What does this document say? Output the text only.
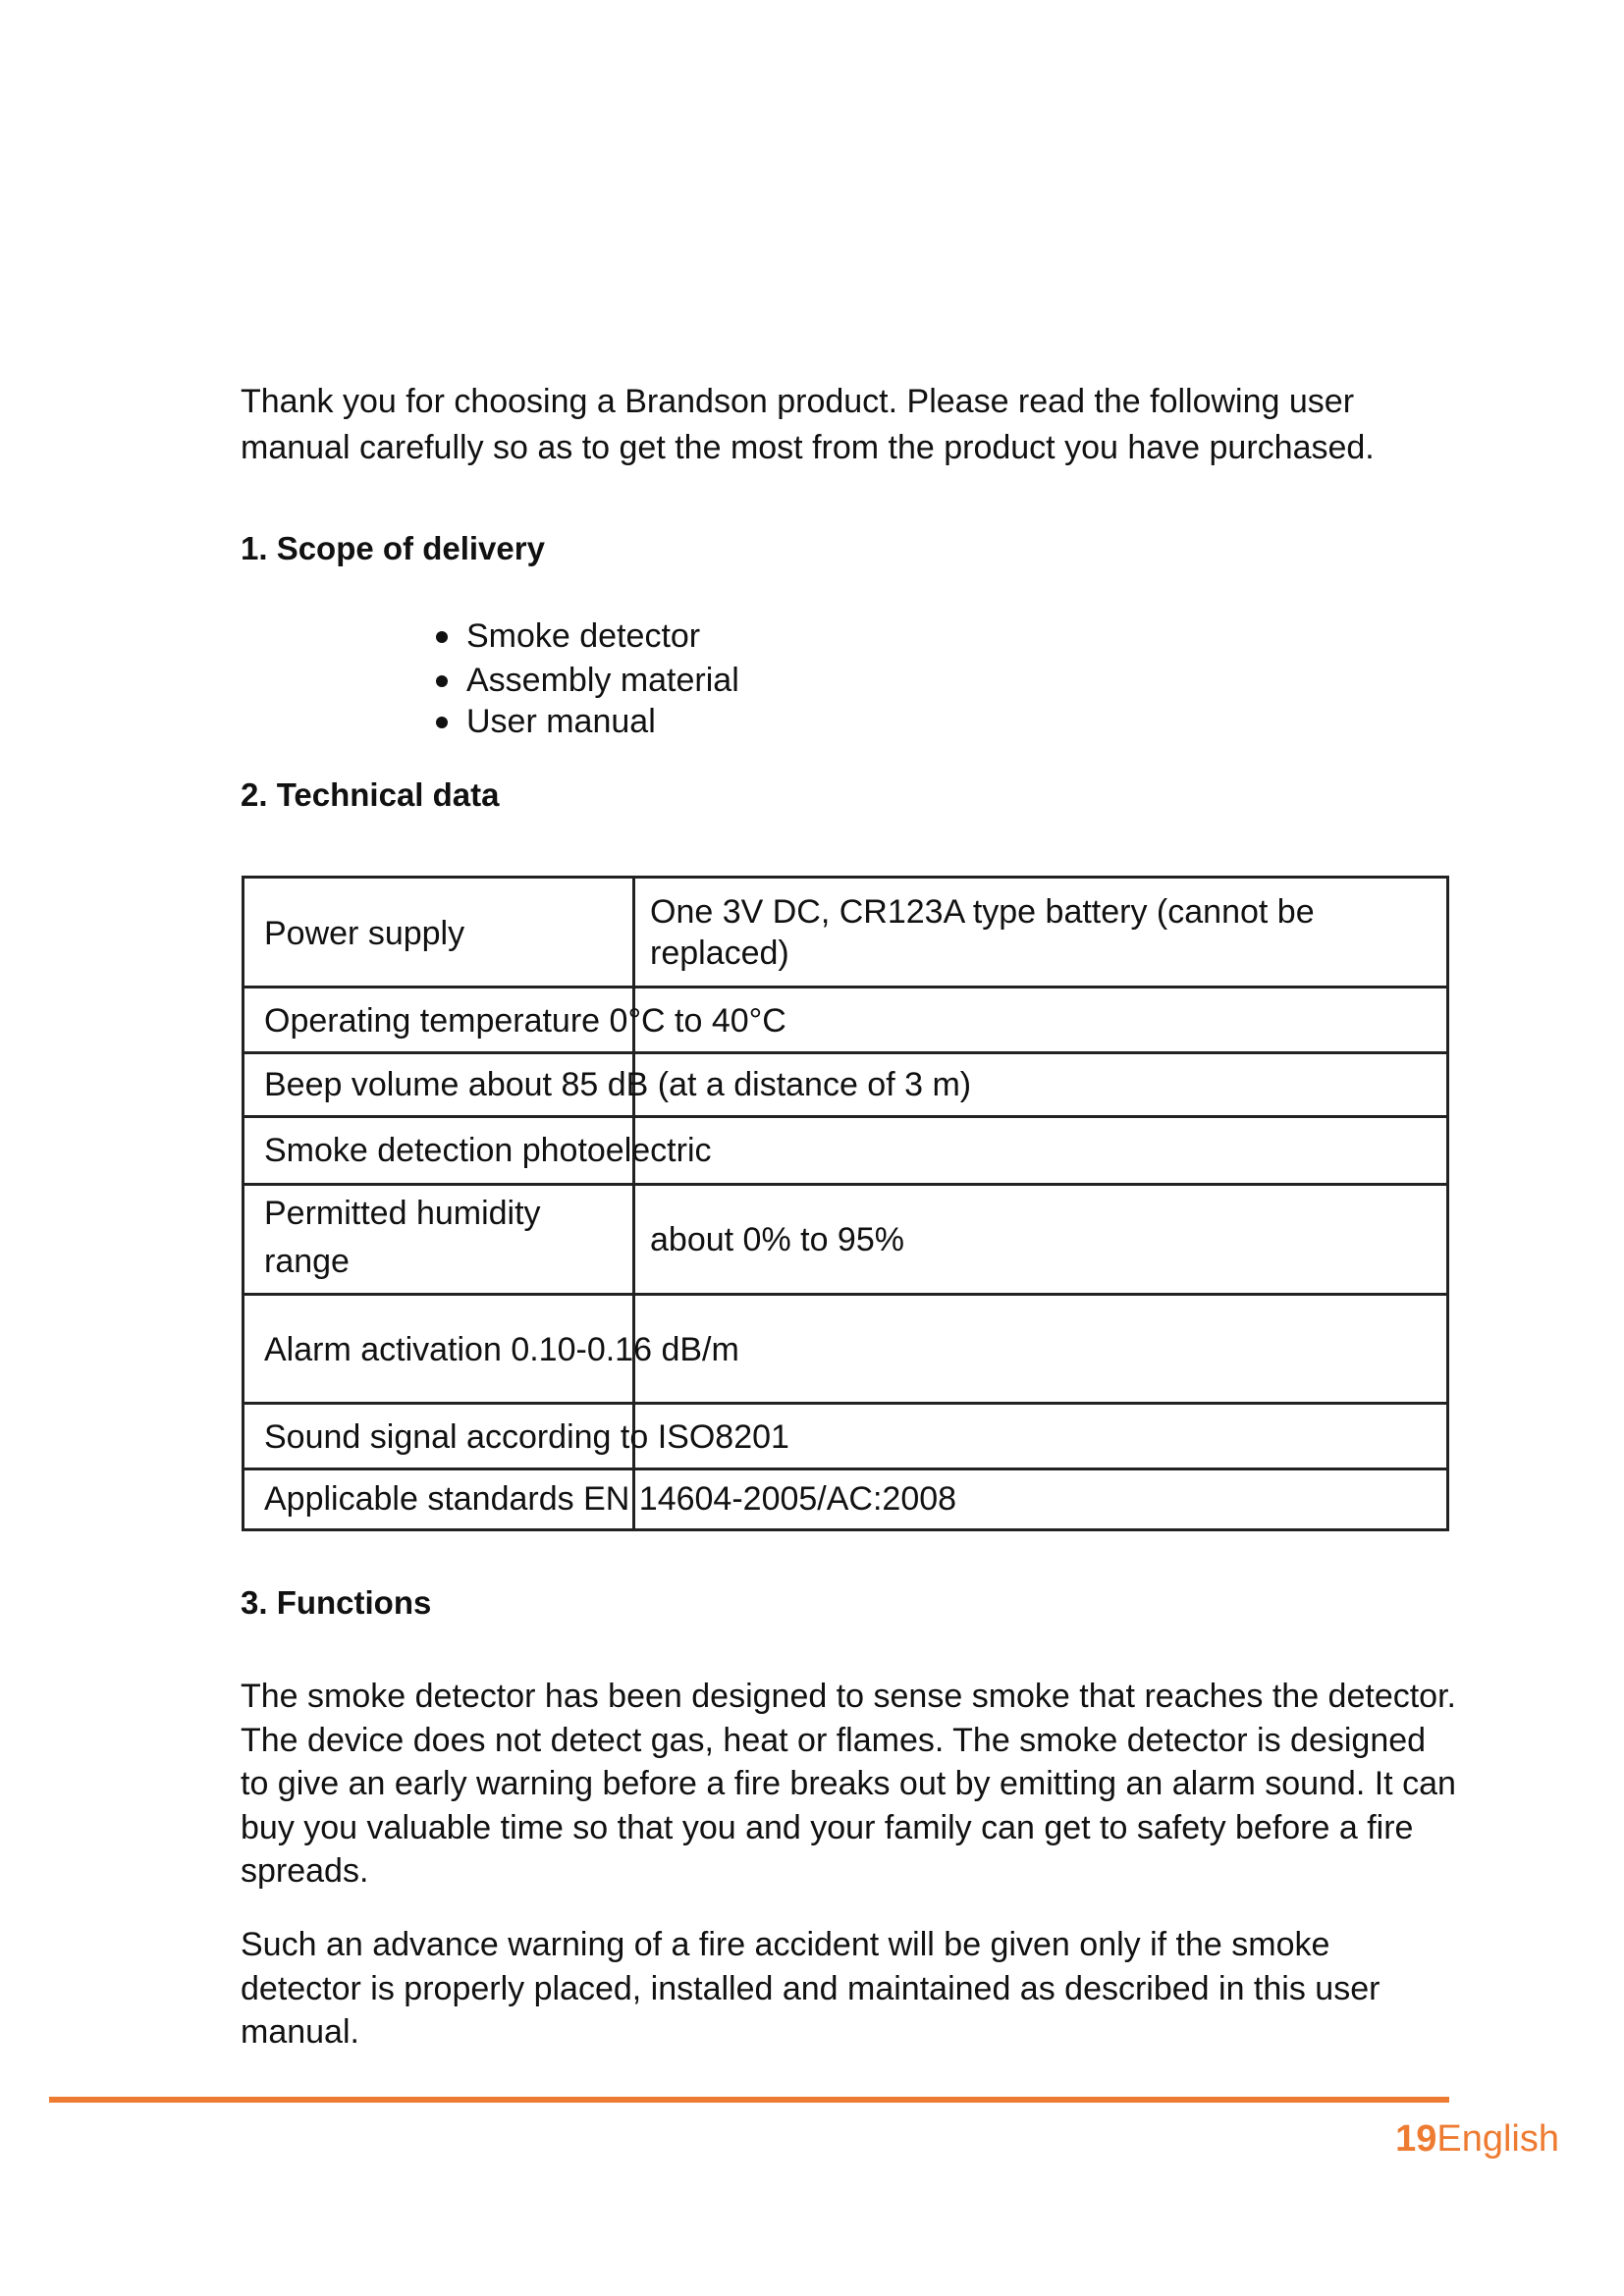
Thank you for choosing a Brandson product. Please read the following user manual carefully so as to get the most from the product you have purchased.

1. Scope of delivery
Smoke detector
Assembly material
User manual
2. Technical data
Power supply
One 3V DC, CR123A type battery (cannot be replaced)
Operating temperature 0°C to 40°C
Beep volume about 85 dB (at a distance of 3 m)
Smoke detection photoelectric
Permitted humidity range
about 0% to 95%
Alarm activation 0.10-0.16 dB/m
Sound signal according to ISO8201
Applicable standards EN 14604-2005/AC:2008
3. Functions

The smoke detector has been designed to sense smoke that reaches the detector. The device does not detect gas, heat or flames. The smoke detector is designed to give an early warning before a fire breaks out by emitting an alarm sound. It can buy you valuable time so that you and your family can get to safety before a fire spreads.

Such an advance warning of a fire accident will be given only if the smoke detector is properly placed, installed and maintained as described in this user manual.

19English
